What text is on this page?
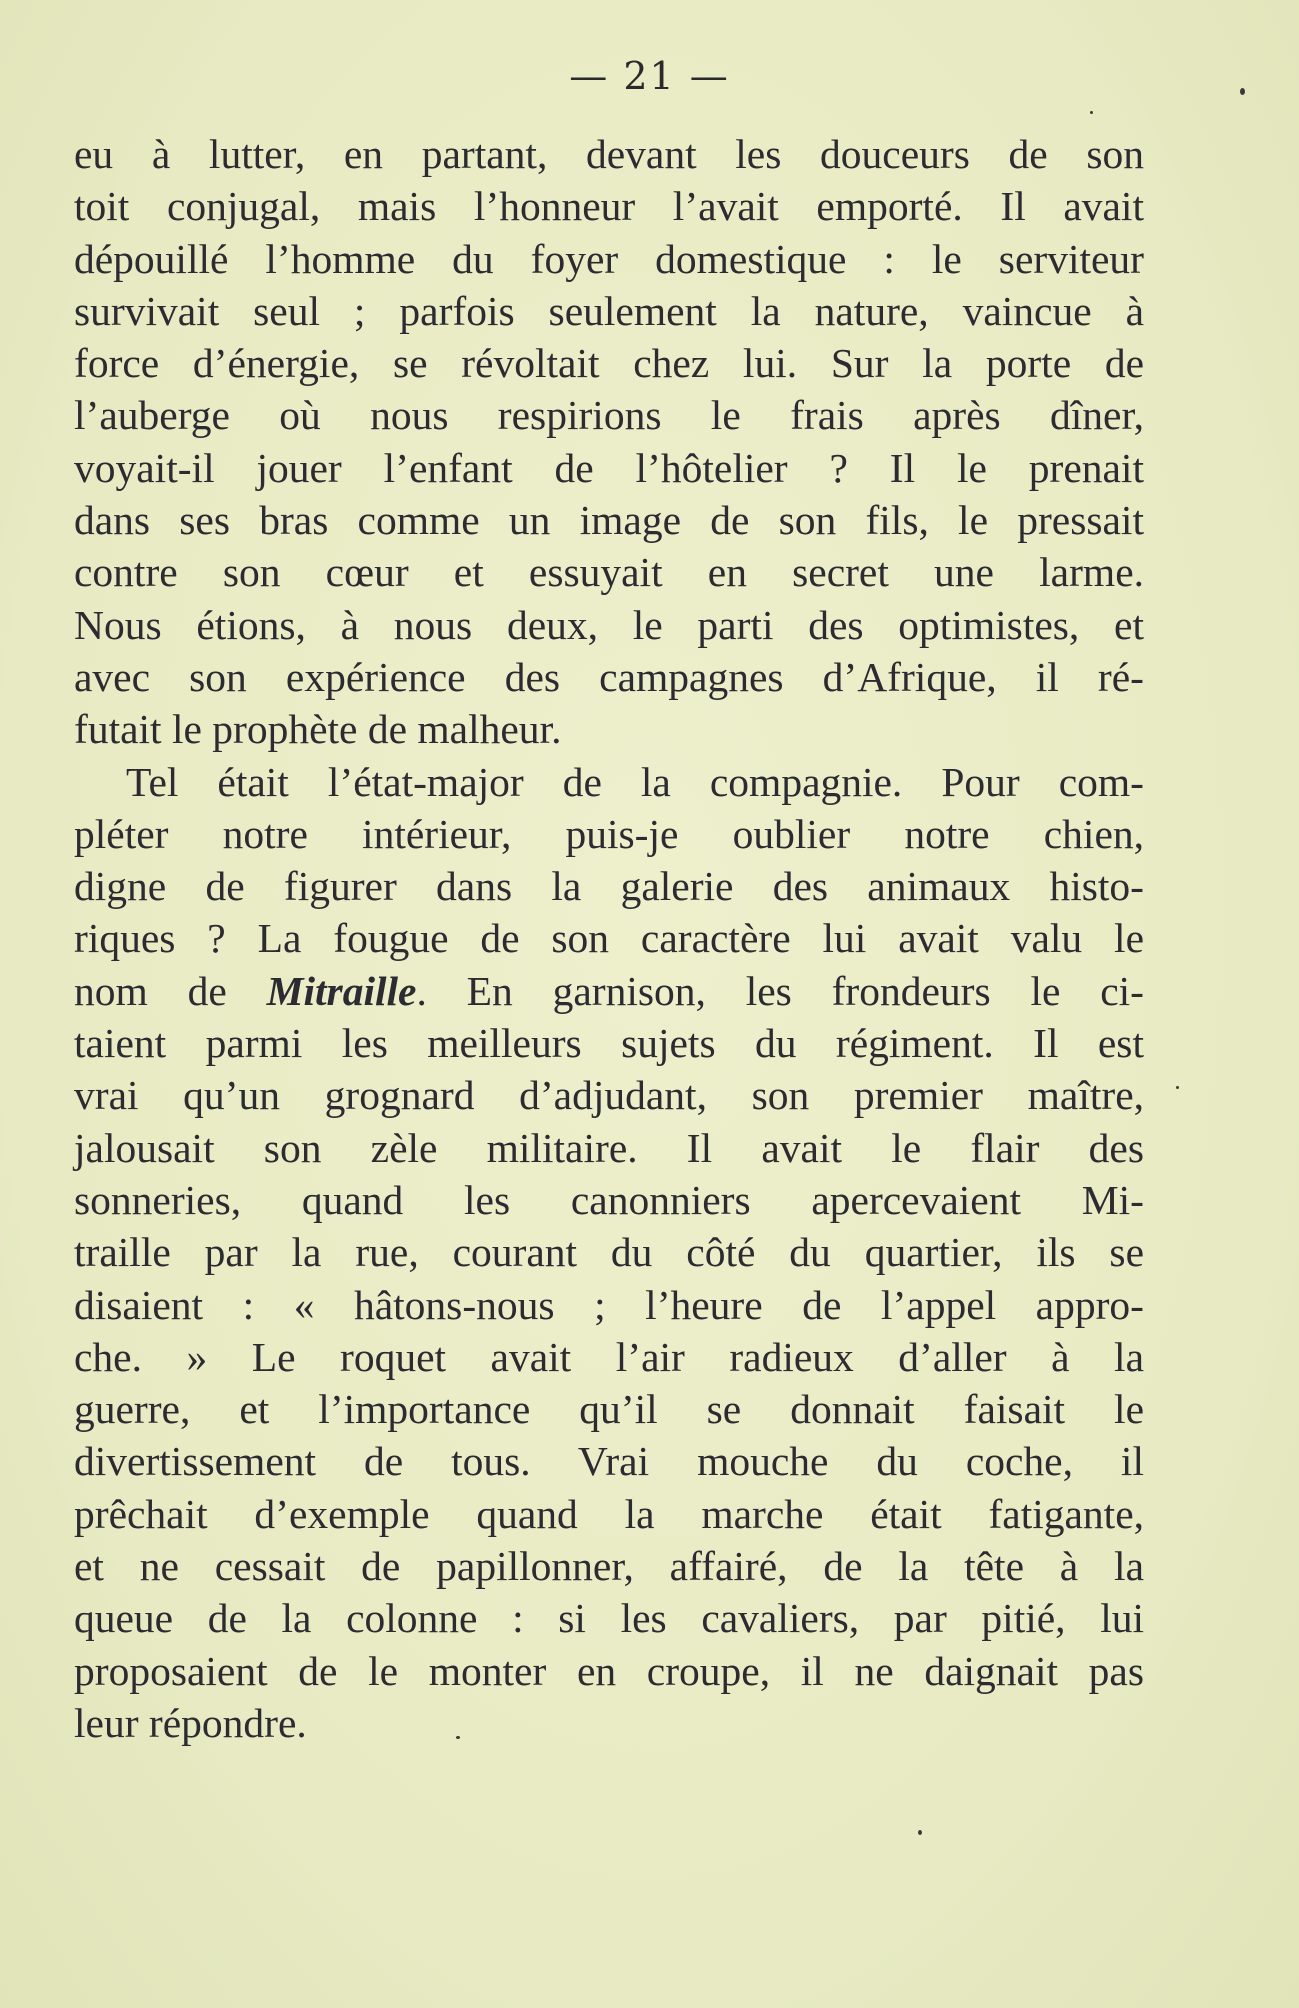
— 21 —
eu à lutter, en partant, devant les douceurs de son
toit conjugal, mais l’honneur l’avait emporté. Il avait
dépouillé l’homme du foyer domestique : le serviteur
survivait seul ; parfois seulement la nature, vaincue à
force d’énergie, se révoltait chez lui. Sur la porte de
l’auberge où nous respirions le frais après dîner,
voyait-il jouer l’enfant de l’hôtelier ? Il le prenait
dans ses bras comme un image de son fils, le pressait
contre son cœur et essuyait en secret une larme.
Nous étions, à nous deux, le parti des optimistes, et
avec son expérience des campagnes d’Afrique, il ré-
futait le prophète de malheur.
Tel était l’état-major de la compagnie. Pour com-
pléter notre intérieur, puis-je oublier notre chien,
digne de figurer dans la galerie des animaux histo-
riques ? La fougue de son caractère lui avait valu le
nom de Mitraille. En garnison, les frondeurs le ci-
taient parmi les meilleurs sujets du régiment. Il est
vrai qu’un grognard d’adjudant, son premier maître,
jalousait son zèle militaire. Il avait le flair des
sonneries, quand les canonniers apercevaient Mi-
traille par la rue, courant du côté du quartier, ils se
disaient : « hâtons-nous ; l’heure de l’appel appro-
che. » Le roquet avait l’air radieux d’aller à la
guerre, et l’importance qu’il se donnait faisait le
divertissement de tous. Vrai mouche du coche, il
prêchait d’exemple quand la marche était fatigante,
et ne cessait de papillonner, affairé, de la tête à la
queue de la colonne : si les cavaliers, par pitié, lui
proposaient de le monter en croupe, il ne daignait pas
leur répondre.
